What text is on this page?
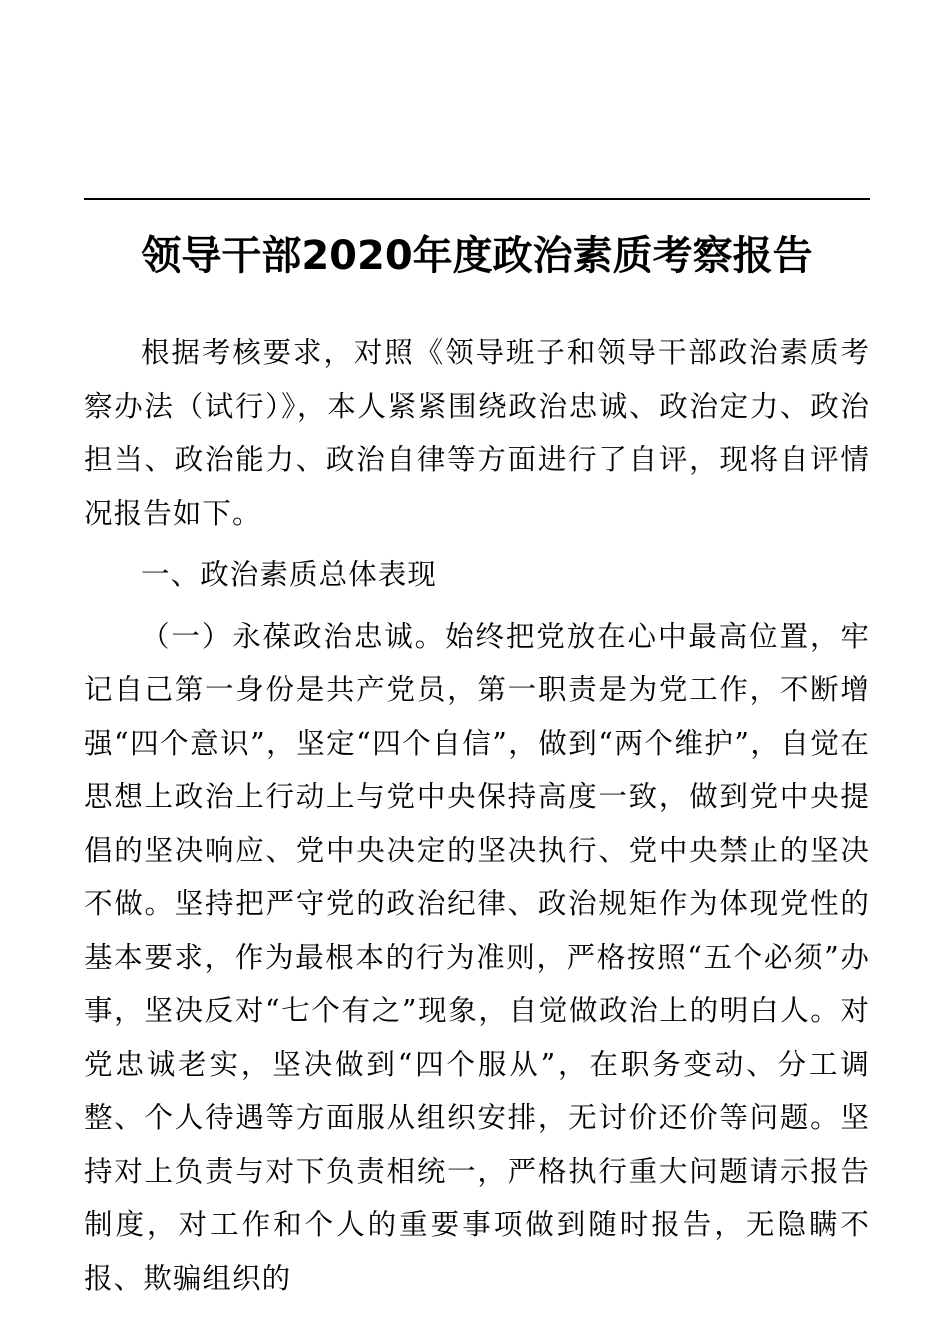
领导干部2020年度政治素质考察报告

根据考核要求，对照《领导班子和领导干部政治素质考察办法（试行）》，本人紧紧围绕政治忠诚、政治定力、政治担当、政治能力、政治自律等方面进行了自评，现将自评情况报告如下。

一、政治素质总体表现

（一）永葆政治忠诚。始终把党放在心中最高位置，牢记自己第一身份是共产党员，第一职责是为党工作，不断增强“四个意识”，坚定“四个自信”，做到“两个维护”，自觉在思想上政治上行动上与党中央保持高度一致，做到党中央提倡的坚决响应、党中央决定的坚决执行、党中央禁止的坚决不做。坚持把严守党的政治纪律、政治规矩作为体现党性的基本要求，作为最根本的行为准则，严格按照“五个必须”办事，坚决反对“七个有之”现象，自觉做政治上的明白人。对党忠诚老实，坚决做到“四个服从”，在职务变动、分工调整、个人待遇等方面服从组织安排，无讨价还价等问题。坚持对上负责与对下负责相统一，严格执行重大问题请示报告制度，对工作和个人的重要事项做到随时报告，无隐瞒不报、欺骗组织的
